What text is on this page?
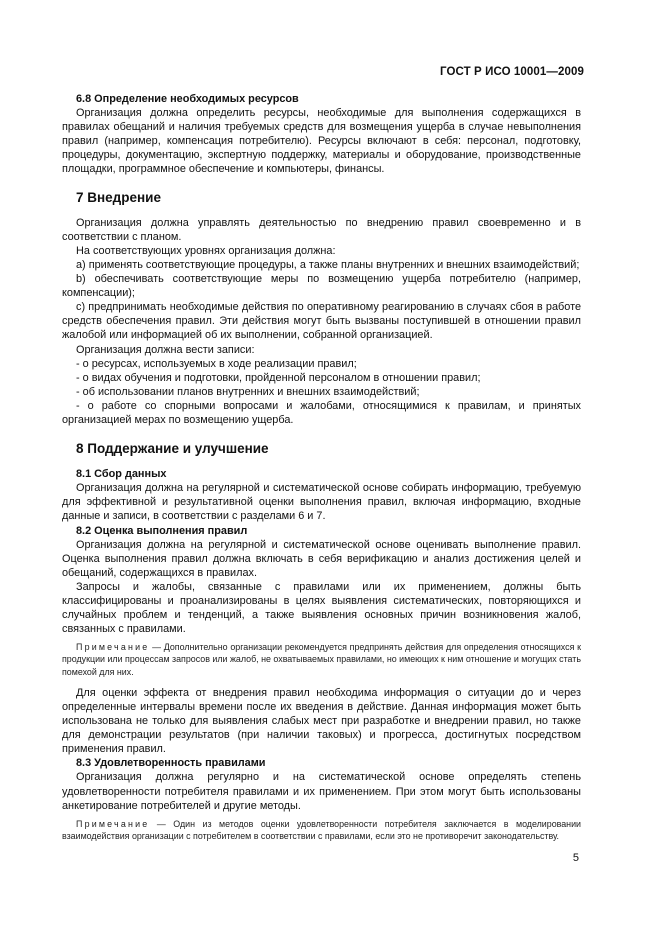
ГОСТ Р ИСО 10001—2009

6.8 Определение необходимых ресурсов

Организация должна определить ресурсы, необходимые для выполнения содержащихся в правилах обещаний и наличия требуемых средств для возмещения ущерба в случае невыполнения правил (например, компенсация потребителю). Ресурсы включают в себя: персонал, подготовку, процедуры, документацию, экспертную поддержку, материалы и оборудование, производственные площадки, программное обеспечение и компьютеры, финансы.

7 Внедрение

Организация должна управлять деятельностью по внедрению правил своевременно и в соответствии с планом.

На соответствующих уровнях организация должна:

а) применять соответствующие процедуры, а также планы внутренних и внешних взаимодействий;

b) обеспечивать соответствующие меры по возмещению ущерба потребителю (например, компенсации);

с) предпринимать необходимые действия по оперативному реагированию в случаях сбоя в работе средств обеспечения правил. Эти действия могут быть вызваны поступившей в отношении правил жалобой или информацией об их выполнении, собранной организацией.

Организация должна вести записи:

- о ресурсах, используемых в ходе реализации правил;

- о видах обучения и подготовки, пройденной персоналом в отношении правил;

- об использовании планов внутренних и внешних взаимодействий;

- о работе со спорными вопросами и жалобами, относящимися к правилам, и принятых организацией мерах по возмещению ущерба.

8 Поддержание и улучшение

8.1 Сбор данных

Организация должна на регулярной и систематической основе собирать информацию, требуемую для эффективной и результативной оценки выполнения правил, включая информацию, входные данные и записи, в соответствии с разделами 6 и 7.

8.2 Оценка выполнения правил

Организация должна на регулярной и систематической основе оценивать выполнение правил. Оценка выполнения правил должна включать в себя верификацию и анализ достижения целей и обещаний, содержащихся в правилах.

Запросы и жалобы, связанные с правилами или их применением, должны быть классифицированы и проанализированы в целях выявления систематических, повторяющихся и случайных проблем и тенденций, а также выявления основных причин возникновения жалоб, связанных с правилами.

Примечание — Дополнительно организации рекомендуется предпринять действия для определения относящихся к продукции или процессам запросов или жалоб, не охватываемых правилами, но имеющих к ним отношение и могущих стать помехой для них.

Для оценки эффекта от внедрения правил необходима информация о ситуации до и через определенные интервалы времени после их введения в действие. Данная информация может быть использована не только для выявления слабых мест при разработке и внедрении правил, но также для демонстрации результатов (при наличии таковых) и прогресса, достигнутых посредством применения правил.

8.3 Удовлетворенность правилами

Организация должна регулярно и на систематической основе определять степень удовлетворенности потребителя правилами и их применением. При этом могут быть использованы анкетирование потребителей и другие методы.

Примечание — Один из методов оценки удовлетворенности потребителя заключается в моделировании взаимодействия организации с потребителем в соответствии с правилами, если это не противоречит законодательству.

5
